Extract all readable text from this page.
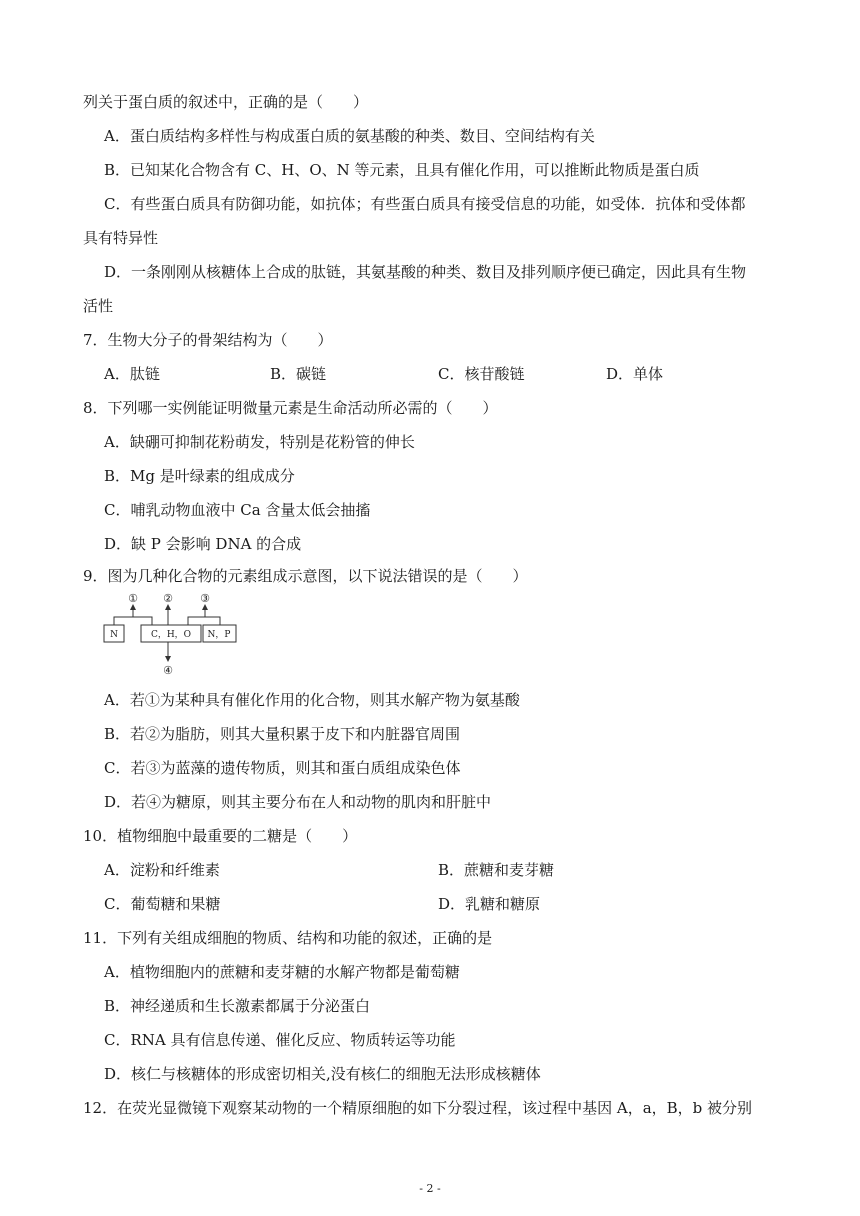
列关于蛋白质的叙述中，正确的是（　　）
A．蛋白质结构多样性与构成蛋白质的氨基酸的种类、数目、空间结构有关
B．已知某化合物含有 C、H、O、N 等元素，且具有催化作用，可以推断此物质是蛋白质
C．有些蛋白质具有防御功能，如抗体；有些蛋白质具有接受信息的功能，如受体．抗体和受体都
具有特异性
D．一条刚刚从核糖体上合成的肽链，其氨基酸的种类、数目及排列顺序便已确定，因此具有生物
活性
7．生物大分子的骨架结构为（　　）
A．肽链	B．碳链	C．核苷酸链	D．单体
8．下列哪一实例能证明微量元素是生命活动所必需的（　　）
A．缺硼可抑制花粉萌发，特别是花粉管的伸长
B．Mg 是叶绿素的组成成分
C．哺乳动物血液中 Ca 含量太低会抽搐
D．缺 P 会影响 DNA 的合成
9．图为几种化合物的元素组成示意图，以下说法错误的是（　　）
① ② ③
④
N	C，H，O N，P
A．若①为某种具有催化作用的化合物，则其水解产物为氨基酸
B．若②为脂肪，则其大量积累于皮下和内脏器官周围
C．若③为蓝藻的遗传物质，则其和蛋白质组成染色体
D．若④为糖原，则其主要分布在人和动物的肌肉和肝脏中
10．植物细胞中最重要的二糖是（　　）
A．淀粉和纤维素	B．蔗糖和麦芽糖
C．葡萄糖和果糖	D．乳糖和糖原
11．下列有关组成细胞的物质、结构和功能的叙述，正确的是
A．植物细胞内的蔗糖和麦芽糖的水解产物都是葡萄糖
B．神经递质和生长激素都属于分泌蛋白
C．RNA 具有信息传递、催化反应、物质转运等功能
D．核仁与核糖体的形成密切相关,没有核仁的细胞无法形成核糖体
12．在荧光显微镜下观察某动物的一个精原细胞的如下分裂过程，该过程中基因 A，a，B，b 被分别
- 2 -
